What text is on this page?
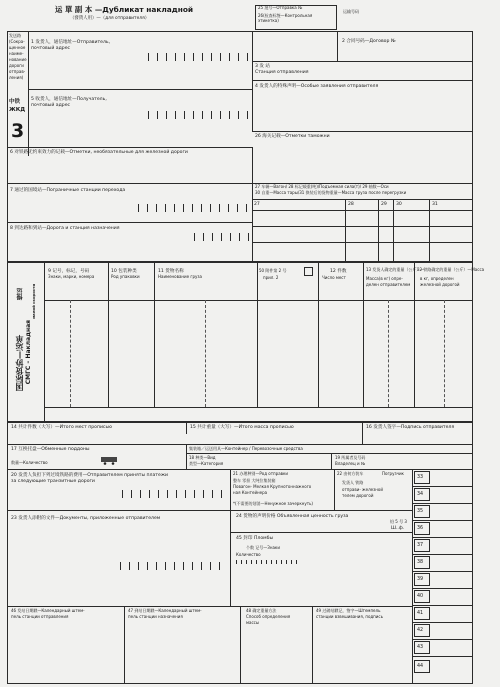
运 單 副 本 —Дубликат накладной
（發貨人用）—（для отправителя）
25 批号—Отправка №
26(检查标签—Контрольная этикетка)
运输号码
发送路
(Сокра-
щенное
наиме-
нование
дороги
отправ-
ления)
中铁
ЖКД
3
1 发货人，通信地址—Отправитель,
почтовый адрес
2 合同号码—Договор №
3 发 站
Станция отправления
4 发货人的特殊声明—Особые заявления отправителя
5 收货人，通信地址—Получатель,
почтовый адрес
26 海关记载—Отметки таможни
6 对铁路无约束效力的记载—Отметки, необязательные для железной дороги
7 通过的国境站—Пограничные станции перехода
27 车辆—Вагон/ 28 标记载重(吨)/Подъемная сила(т)/ 29 轴数—Оси
30 自重—Масса тары/31 换装后的货物重量—Масса груза после перегрузки
27	28	29 30	31
8 到达路和到站—Дорога и станция назначения
国际货协—运单 СМГС – Накладная
慢运 малой скорости
9 记号，标记，号码
Знаки, марки, номера
10 包装种类
Род упаковки
11 货物名称
Наименование груза
50 附件第 2 号
прил. 2
12 件数
Число мест
13 发货人确定的重量（公斤）—
Масса(в кг) опре-
делен отправителем
32 铁路确定的重量（公斤）—Масса
в кг, определен
железной дорогой
14 共计件数（大写）—Итого мест прописью	15 共计重量（大写）—Итого масса прописью	16 发货人签字—Подпись отправителя
17 互换托盘—Обменные поддоны
数量—Количество
集装箱／运送用具—Контейнер / Перевозочные средства
18 种类—Вид
类型—Категория
19 所属者及号码
Владелец и №
20 发货人负担下列过境铁路的费用—Отправителем приняты платежи
за следующие транзитные дороги
21 办理种别—Род отправки
整车 零担 大吨位集装箱
Повагон- Мелкая Крупнотоннажного
ная Контейнера
*(不需要的划消—Ненужное зачеркнуть)
22 由何方装车	Погрузчик
发货人 铁路
отправи- железной
телем дорогой
23 发货人添附的文件—Документы, приложенные отправителем	24 货物的声明价格 Объявленная ценность груза
铅 5 号 3
Ш..ф.
45 封印 Пломбы
个数 记号—Знаки
Количество
46 发站日期戳—Календарный штем-
пель станции отправления
47 到站日期戳—Календарный штем-
пель станции назначения
48 确定重量方法
Способ определения
массы
49 过磅站戳记，签字—Штемпель
станции взвешивания, подпись
33
34
35
36
37
38
39
40
41
42
43
44
